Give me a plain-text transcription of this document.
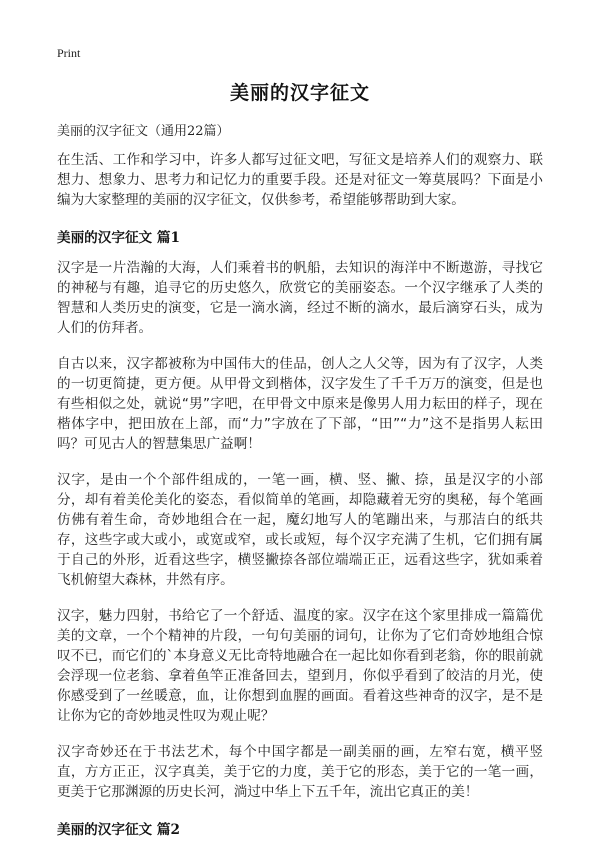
Print
美丽的汉字征文
美丽的汉字征文（通用22篇）

在生活、工作和学习中，许多人都写过征文吧，写征文是培养人们的观察力、联想力、想象力、思考力和记忆力的重要手段。还是对征文一筹莫展吗？下面是小编为大家整理的美丽的汉字征文，仅供参考，希望能够帮助到大家。

美丽的汉字征文 篇1

汉字是一片浩瀚的大海，人们乘着书的帆船，去知识的海洋中不断遨游，寻找它的神秘与有趣，追寻它的历史悠久，欣赏它的美丽姿态。一个汉字继承了人类的智慧和人类历史的演变，它是一滴水滴，经过不断的滴水，最后滴穿石头，成为人们的仿拜者。

自古以来，汉字都被称为中国伟大的佳品，创人之人父等，因为有了汉字，人类的一切更简捷，更方便。从甲骨文到楷体，汉字发生了千千万万的演变，但是也有些相似之处，就说“男”字吧，在甲骨文中原来是像男人用力耘田的样子，现在楷体字中，把田放在上部，而“力”字放在了下部，“田”“力”这不是指男人耘田吗？可见古人的智慧集思广益啊！

汉字，是由一个个部件组成的，一笔一画，横、竖、撇、捺，虽是汉字的小部分，却有着美伦美化的姿态，看似简单的笔画，却隐藏着无穷的奥秘，每个笔画仿佛有着生命，奇妙地组合在一起，魔幻地写人的笔蹦出来，与那洁白的纸共存，这些字或大或小，或宽或窄，或长或短，每个汉字充满了生机，它们拥有属于自己的外形，近看这些字，横竖撇捺各部位端端正正，远看这些字，犹如乘着飞机俯望大森林，井然有序。

汉字，魅力四射，书给它了一个舒适、温度的家。汉字在这个家里排成一篇篇优美的文章，一个个精神的片段，一句句美丽的词句，让你为了它们奇妙地组合惊叹不已，而它们的`本身意义无比奇特地融合在一起比如你看到老翁，你的眼前就会浮现一位老翁、拿着鱼竿正准备回去，望到月，你似乎看到了皎洁的月光，使你感受到了一丝暖意，血，让你想到血腥的画面。看着这些神奇的汉字，是不是让你为它的奇妙地灵性叹为观止呢？

汉字奇妙还在于书法艺术，每个中国字都是一副美丽的画，左窄右宽，横平竖直，方方正正，汉字真美，美于它的力度，美于它的形态，美于它的一笔一画，更美于它那渊源的历史长河，淌过中华上下五千年，流出它真正的美！

美丽的汉字征文 篇2
